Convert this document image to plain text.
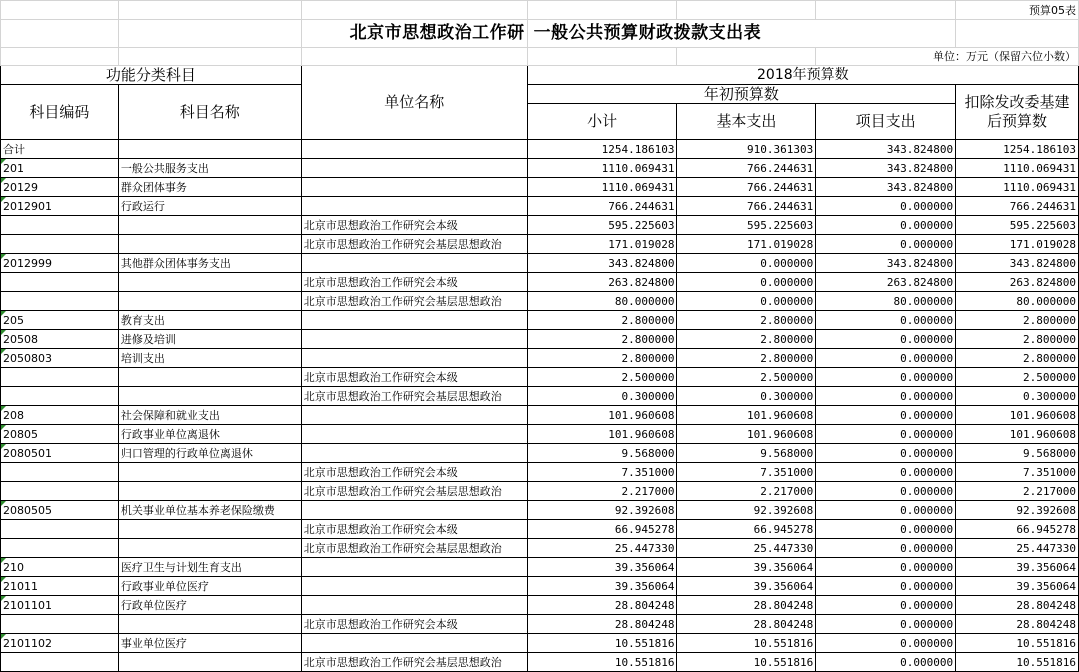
						预算05表
		北京市思想政治工作研	一般公共预算财政拨款支出表			
					单位：万元（保留六位小数）	
功能分类科目		单位名称	2018年预算数			
科目编码	科目名称		年初预算数			扣除发改委基建后预算数
			小计	基本支出	项目支出	
合计			1254.186103	910.361303	343.824800	1254.186103
201	一般公共服务支出		1110.069431	766.244631	343.824800	1110.069431
20129	群众团体事务		1110.069431	766.244631	343.824800	1110.069431
2012901	行政运行		766.244631	766.244631	0.000000	766.244631
		北京市思想政治工作研究会本级	595.225603	595.225603	0.000000	595.225603
		北京市思想政治工作研究会基层思想政治	171.019028	171.019028	0.000000	171.019028
2012999	其他群众团体事务支出		343.824800	0.000000	343.824800	343.824800
		北京市思想政治工作研究会本级	263.824800	0.000000	263.824800	263.824800
		北京市思想政治工作研究会基层思想政治	80.000000	0.000000	80.000000	80.000000
205	教育支出		2.800000	2.800000	0.000000	2.800000
20508	进修及培训		2.800000	2.800000	0.000000	2.800000
2050803	培训支出		2.800000	2.800000	0.000000	2.800000
		北京市思想政治工作研究会本级	2.500000	2.500000	0.000000	2.500000
		北京市思想政治工作研究会基层思想政治	0.300000	0.300000	0.000000	0.300000
208	社会保障和就业支出		101.960608	101.960608	0.000000	101.960608
20805	行政事业单位离退休		101.960608	101.960608	0.000000	101.960608
2080501	归口管理的行政单位离退休		9.568000	9.568000	0.000000	9.568000
		北京市思想政治工作研究会本级	7.351000	7.351000	0.000000	7.351000
		北京市思想政治工作研究会基层思想政治	2.217000	2.217000	0.000000	2.217000
2080505	机关事业单位基本养老保险缴费		92.392608	92.392608	0.000000	92.392608
		北京市思想政治工作研究会本级	66.945278	66.945278	0.000000	66.945278
		北京市思想政治工作研究会基层思想政治	25.447330	25.447330	0.000000	25.447330
210	医疗卫生与计划生育支出		39.356064	39.356064	0.000000	39.356064
21011	行政事业单位医疗		39.356064	39.356064	0.000000	39.356064
2101101	行政单位医疗		28.804248	28.804248	0.000000	28.804248
		北京市思想政治工作研究会本级	28.804248	28.804248	0.000000	28.804248
2101102	事业单位医疗		10.551816	10.551816	0.000000	10.551816
		北京市思想政治工作研究会基层思想政治	10.551816	10.551816	0.000000	10.551816
